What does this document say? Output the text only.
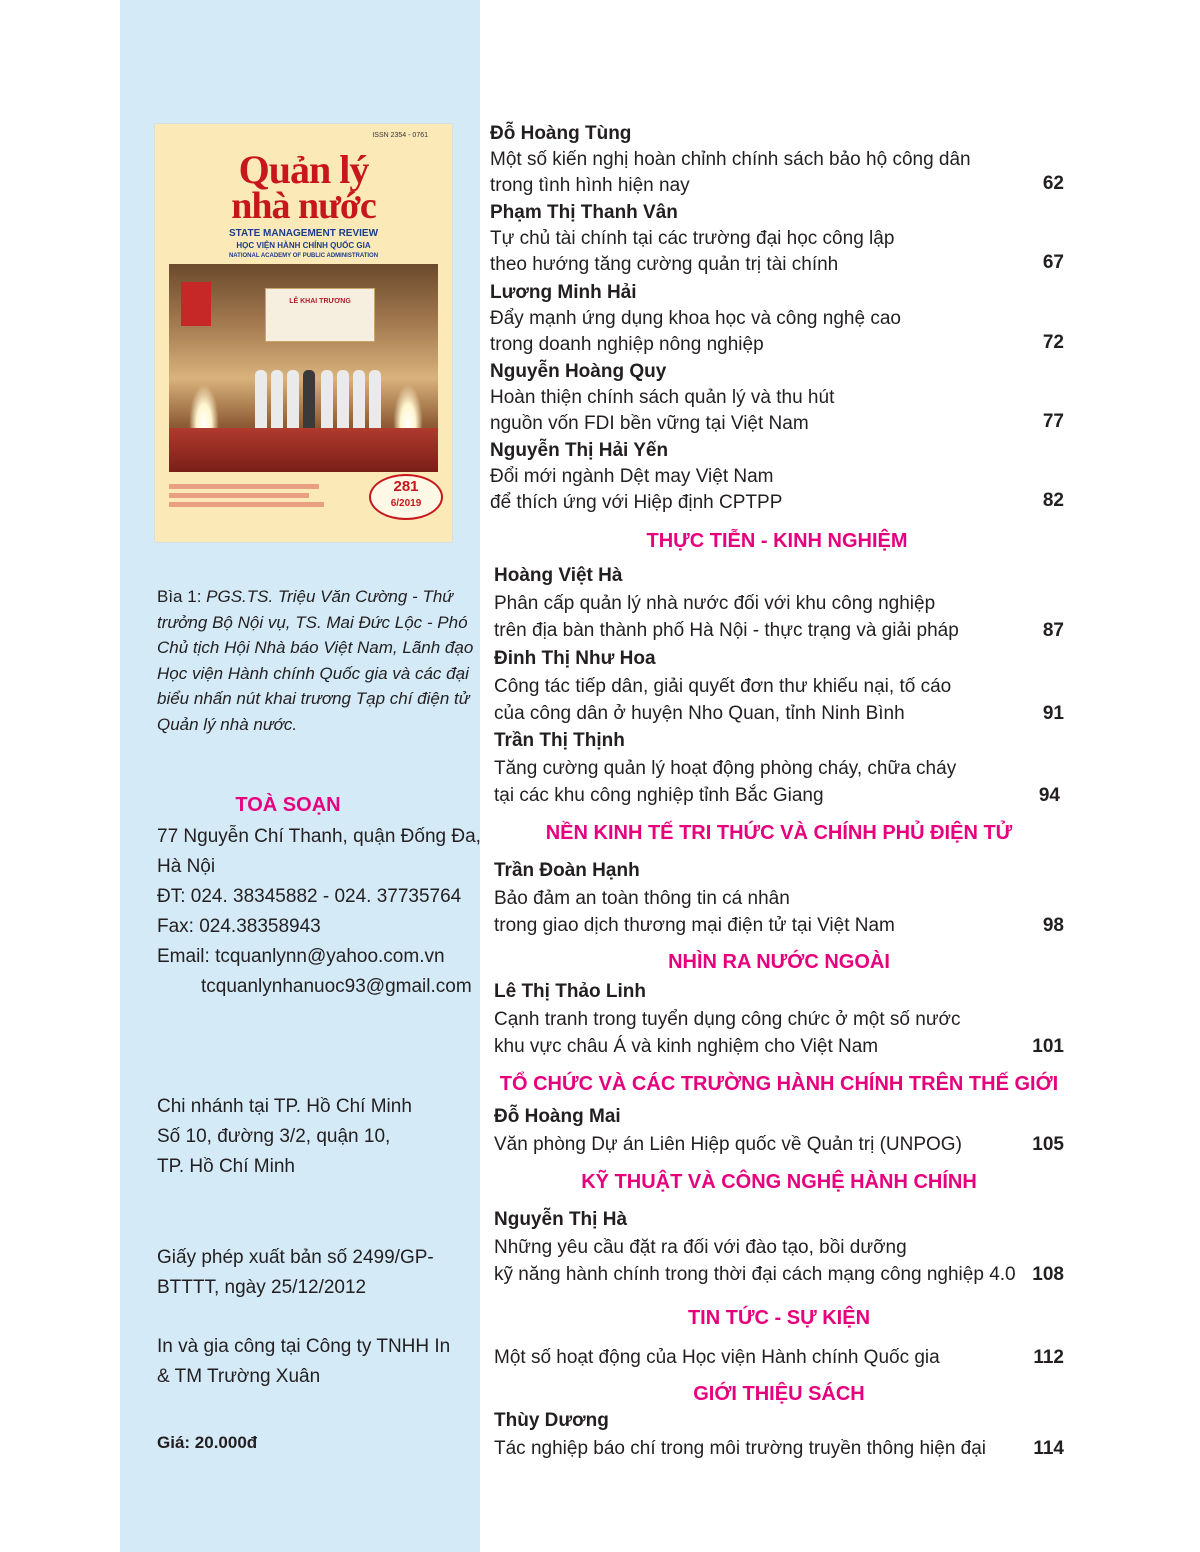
ISSN 2354 - 0761
Quản lý
nhà nước
STATE MANAGEMENT REVIEW
HỌC VIỆN HÀNH CHÍNH QUỐC GIA
NATIONAL ACADEMY OF PUBLIC ADMINISTRATION
LỄ KHAI TRƯƠNG
281
6/2019
Bìa 1: PGS.TS. Triệu Văn Cường - Thứ trưởng Bộ Nội vụ, TS. Mai Đức Lộc - Phó Chủ tịch Hội Nhà báo Việt Nam, Lãnh đạo Học viện Hành chính Quốc gia và các đại biểu nhấn nút khai trương Tạp chí điện tử Quản lý nhà nước.
TOÀ SOẠN
77 Nguyễn Chí Thanh, quận Đống Đa,
Hà Nội
ĐT: 024. 38345882 - 024. 37735764
Fax: 024.38358943
Email: tcquanlynn@yahoo.com.vn
tcquanlynhanuoc93@gmail.com
Chi nhánh tại TP. Hồ Chí Minh
Số 10, đường 3/2, quận 10,
TP. Hồ Chí Minh
Giấy phép xuất bản số 2499/GP-
BTTTT, ngày 25/12/2012
In và gia công tại Công ty TNHH In
& TM Trường Xuân
Giá: 20.000đ
Đỗ Hoàng Tùng
Một số kiến nghị hoàn chỉnh chính sách bảo hộ công dân
trong tình hình hiện nay	62
Phạm Thị Thanh Vân
Tự chủ tài chính tại các trường đại học công lập
theo hướng tăng cường quản trị tài chính	67
Lương Minh Hải
Đẩy mạnh ứng dụng khoa học và công nghệ cao
trong doanh nghiệp nông nghiệp	72
Nguyễn Hoàng Quy
Hoàn thiện chính sách quản lý và thu hút
nguồn vốn FDI bền vững tại Việt Nam	77
Nguyễn Thị Hải Yến
Đổi mới ngành Dệt may Việt Nam
để thích ứng với Hiệp định CPTPP	82
THỰC TIỄN - KINH NGHIỆM
Hoàng Việt Hà
Phân cấp quản lý nhà nước đối với khu công nghiệp
trên địa bàn thành phố Hà Nội - thực trạng và giải pháp	87
Đinh Thị Như Hoa
Công tác tiếp dân, giải quyết đơn thư khiếu nại, tố cáo
của công dân ở huyện Nho Quan, tỉnh Ninh Bình	91
Trần Thị Thịnh
Tăng cường quản lý hoạt động phòng cháy, chữa cháy
tại các khu công nghiệp tỉnh Bắc Giang	94
NỀN KINH TẾ TRI THỨC VÀ CHÍNH PHỦ ĐIỆN TỬ
Trần Đoàn Hạnh
Bảo đảm an toàn thông tin cá nhân
trong giao dịch thương mại điện tử tại Việt Nam	98
NHÌN RA NƯỚC NGOÀI
Lê Thị Thảo Linh
Cạnh tranh trong tuyển dụng công chức ở một số nước
khu vực châu Á và kinh nghiệm cho Việt Nam	101
TỔ CHỨC VÀ CÁC TRƯỜNG HÀNH CHÍNH TRÊN THẾ GIỚI
Đỗ Hoàng Mai
Văn phòng Dự án Liên Hiệp quốc về Quản trị (UNPOG)	105
KỸ THUẬT VÀ CÔNG NGHỆ HÀNH CHÍNH
Nguyễn Thị Hà
Những yêu cầu đặt ra đối với đào tạo, bồi dưỡng
kỹ năng hành chính trong thời đại cách mạng công nghiệp 4.0 108
TIN TỨC - SỰ KIỆN
Một số hoạt động của Học viện Hành chính Quốc gia	112
GIỚI THIỆU SÁCH
Thùy Dương
Tác nghiệp báo chí trong môi trường truyền thông hiện đại	114
